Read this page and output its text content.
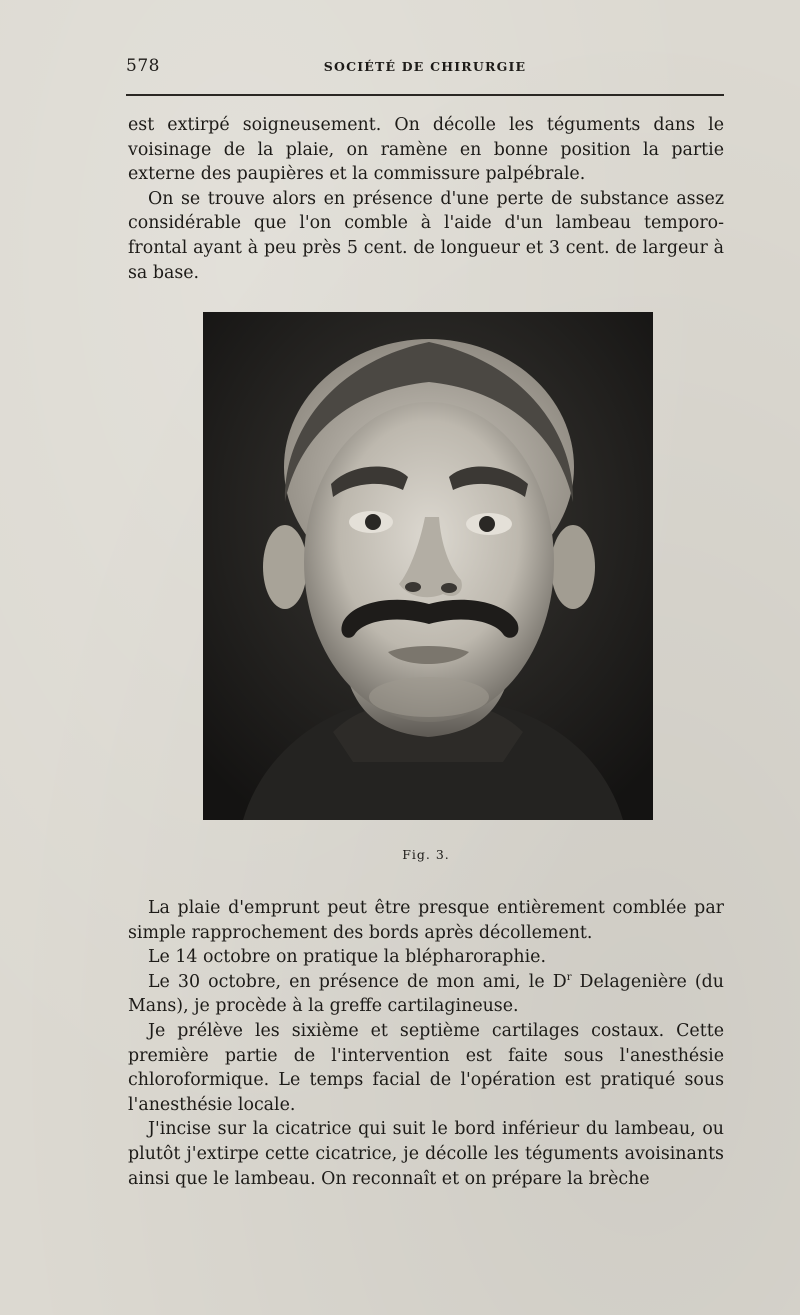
578	SOCIÉTÉ DE CHIRURGIE

est extirpé soigneusement. On décolle les téguments dans le voisinage de la plaie, on ramène en bonne position la partie externe des paupières et la commissure palpébrale.

On se trouve alors en présence d'une perte de substance assez considérable que l'on comble à l'aide d'un lambeau temporo-frontal ayant à peu près 5 cent. de longueur et 3 cent. de largeur à sa base.

Fig. 3.

La plaie d'emprunt peut être presque entièrement comblée par simple rapprochement des bords après décollement.

Le 14 octobre on pratique la blépharoraphie.

Le 30 octobre, en présence de mon ami, le $D^r$ Delagenière (du Mans), je procède à la greffe cartilagineuse.

Je prélève les sixième et septième cartilages costaux. Cette première partie de l'intervention est faite sous l'anesthésie chloroformique. Le temps facial de l'opération est pratiqué sous l'anesthésie locale.

J'incise sur la cicatrice qui suit le bord inférieur du lambeau, ou plutôt j'extirpe cette cicatrice, je décolle les téguments avoisinants ainsi que le lambeau. On reconnaît et on prépare la brèche
